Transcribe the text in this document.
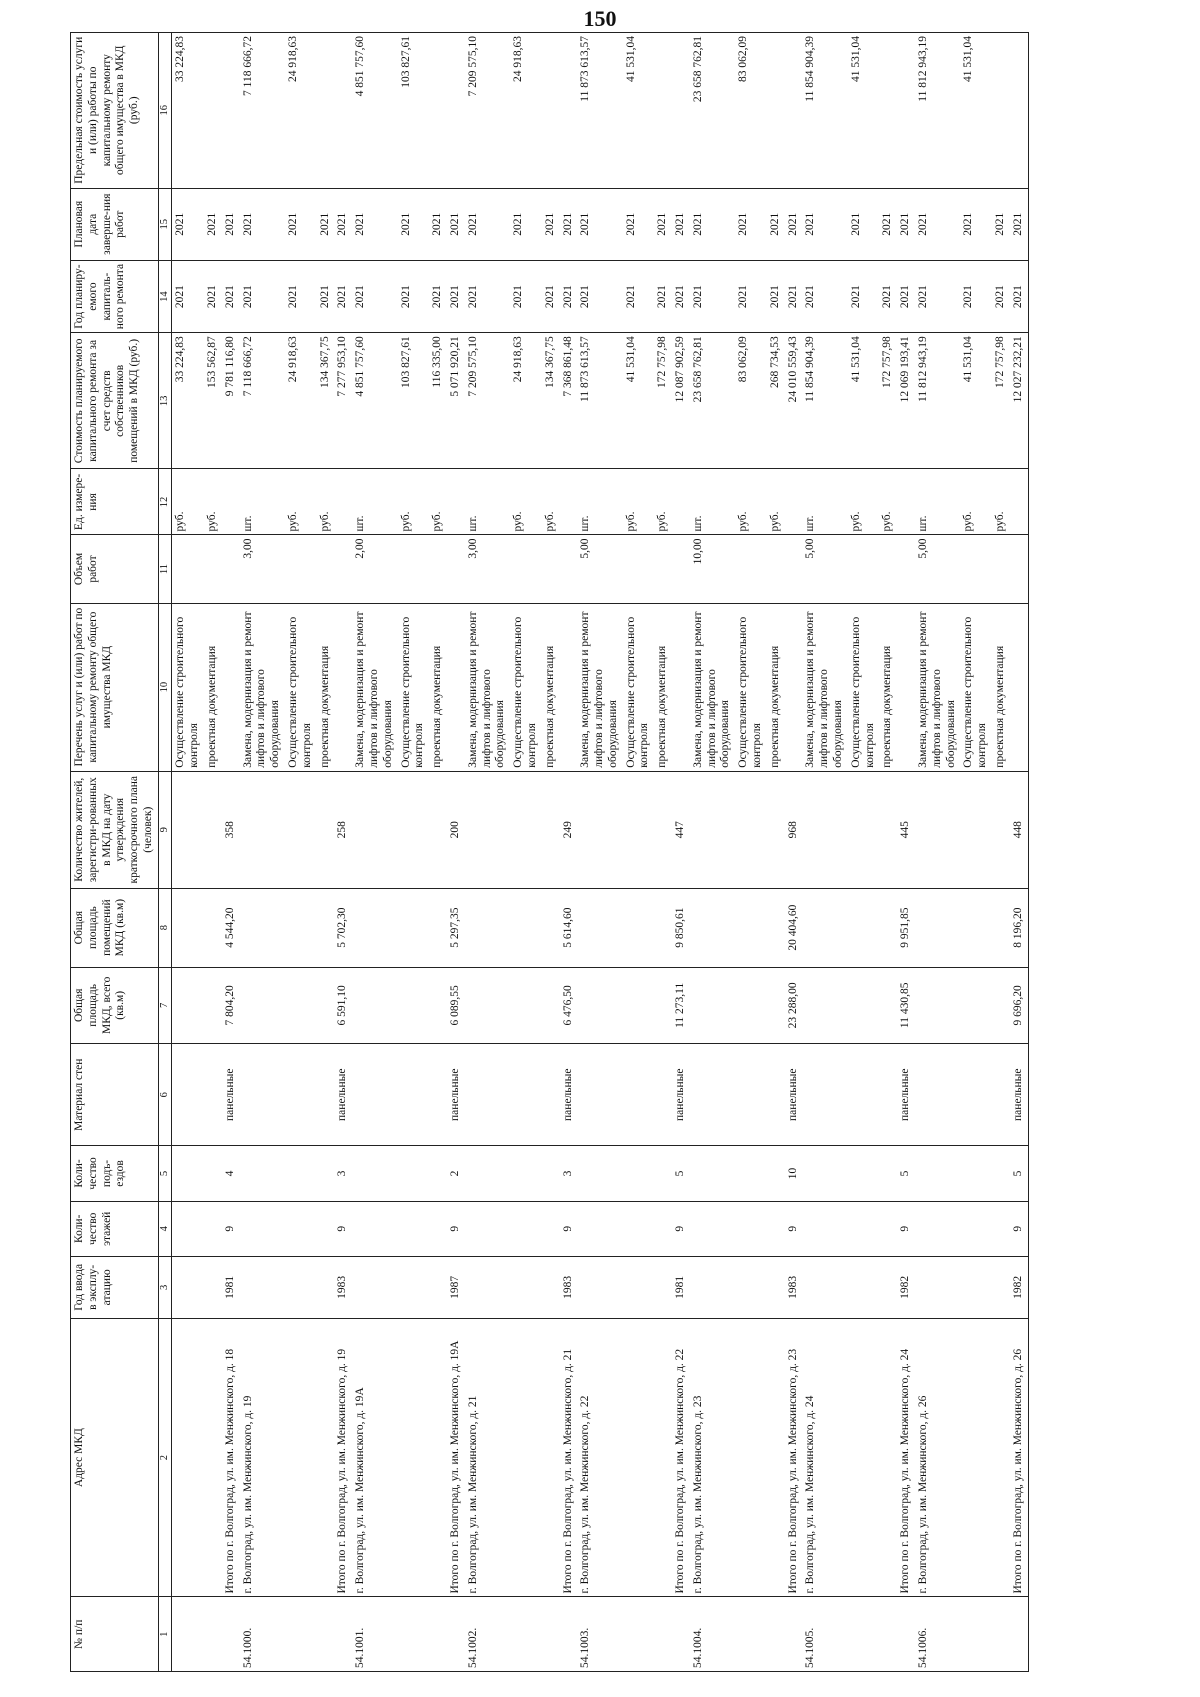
150
№ п/п	Адрес МКД	Год ввода в эксплу-атацию	Коли-чество этажей	Коли-чество подъ-ездов	Материал стен	Общая площадь МКД, всего (кв.м)	Общая площадь помещений МКД (кв.м)	Количество жителей, зарегистри-рованных в МКД на дату утверждения краткосрочного плана (человек)	Перечень услуг и (или) работ по капитальному ремонту общего имущества МКД	Объем работ	Ед. измере-ния	Стоимость планируемого капитального ремонта за счет средств собственников помещений в МКД (руб.)	Год планиру-емого капиталь-ного ремонта	Плановая дата заверше-ния работ	Предельная стоимость услуги и (или) работы по капитальному ремонту общего имущества в МКД (руб.)
1	2	3	4	5	6	7	8	9	10	11	12	13	14	15	16
									Осуществление строительного контроля		руб.	33 224,83	2021	2021	33 224,83
									проектная документация		руб.	153 562,87	2021	2021	
	Итого по г. Волгоград, ул. им. Менжинского, д. 18	1981	9	4	панельные	7 804,20	4 544,20	358				9 781 116,80	2021	2021	
54.1000.	г. Волгоград, ул. им. Менжинского, д. 19								Замена, модернизация и ремонт лифтов и лифтового оборудования	3,00	шт.	7 118 666,72	2021	2021	7 118 666,72
									Осуществление строительного контроля		руб.	24 918,63	2021	2021	24 918,63
									проектная документация		руб.	134 367,75	2021	2021	
	Итого по г. Волгоград, ул. им. Менжинского, д. 19	1983	9	3	панельные	6 591,10	5 702,30	258				7 277 953,10	2021	2021	
54.1001.	г. Волгоград, ул. им. Менжинского, д. 19А								Замена, модернизация и ремонт лифтов и лифтового оборудования	2,00	шт.	4 851 757,60	2021	2021	4 851 757,60
									Осуществление строительного контроля		руб.	103 827,61	2021	2021	103 827,61
									проектная документация		руб.	116 335,00	2021	2021	
	Итого по г. Волгоград, ул. им. Менжинского, д. 19А	1987	9	2	панельные	6 089,55	5 297,35	200				5 071 920,21	2021	2021	
54.1002.	г. Волгоград, ул. им. Менжинского, д. 21								Замена, модернизация и ремонт лифтов и лифтового оборудования	3,00	шт.	7 209 575,10	2021	2021	7 209 575,10
									Осуществление строительного контроля		руб.	24 918,63	2021	2021	24 918,63
									проектная документация		руб.	134 367,75	2021	2021	
	Итого по г. Волгоград, ул. им. Менжинского, д. 21	1983	9	3	панельные	6 476,50	5 614,60	249				7 368 861,48	2021	2021	
54.1003.	г. Волгоград, ул. им. Менжинского, д. 22								Замена, модернизация и ремонт лифтов и лифтового оборудования	5,00	шт.	11 873 613,57	2021	2021	11 873 613,57
									Осуществление строительного контроля		руб.	41 531,04	2021	2021	41 531,04
									проектная документация		руб.	172 757,98	2021	2021	
	Итого по г. Волгоград, ул. им. Менжинского, д. 22	1981	9	5	панельные	11 273,11	9 850,61	447				12 087 902,59	2021	2021	
54.1004.	г. Волгоград, ул. им. Менжинского, д. 23								Замена, модернизация и ремонт лифтов и лифтового оборудования	10,00	шт.	23 658 762,81	2021	2021	23 658 762,81
									Осуществление строительного контроля		руб.	83 062,09	2021	2021	83 062,09
									проектная документация		руб.	268 734,53	2021	2021	
	Итого по г. Волгоград, ул. им. Менжинского, д. 23	1983	9	10	панельные	23 288,00	20 404,60	968				24 010 559,43	2021	2021	
54.1005.	г. Волгоград, ул. им. Менжинского, д. 24								Замена, модернизация и ремонт лифтов и лифтового оборудования	5,00	шт.	11 854 904,39	2021	2021	11 854 904,39
									Осуществление строительного контроля		руб.	41 531,04	2021	2021	41 531,04
									проектная документация		руб.	172 757,98	2021	2021	
	Итого по г. Волгоград, ул. им. Менжинского, д. 24	1982	9	5	панельные	11 430,85	9 951,85	445				12 069 193,41	2021	2021	
54.1006.	г. Волгоград, ул. им. Менжинского, д. 26								Замена, модернизация и ремонт лифтов и лифтового оборудования	5,00	шт.	11 812 943,19	2021	2021	11 812 943,19
									Осуществление строительного контроля		руб.	41 531,04	2021	2021	41 531,04
									проектная документация		руб.	172 757,98	2021	2021	
	Итого по г. Волгоград, ул. им. Менжинского, д. 26	1982	9	5	панельные	9 696,20	8 196,20	448				12 027 232,21	2021	2021	
